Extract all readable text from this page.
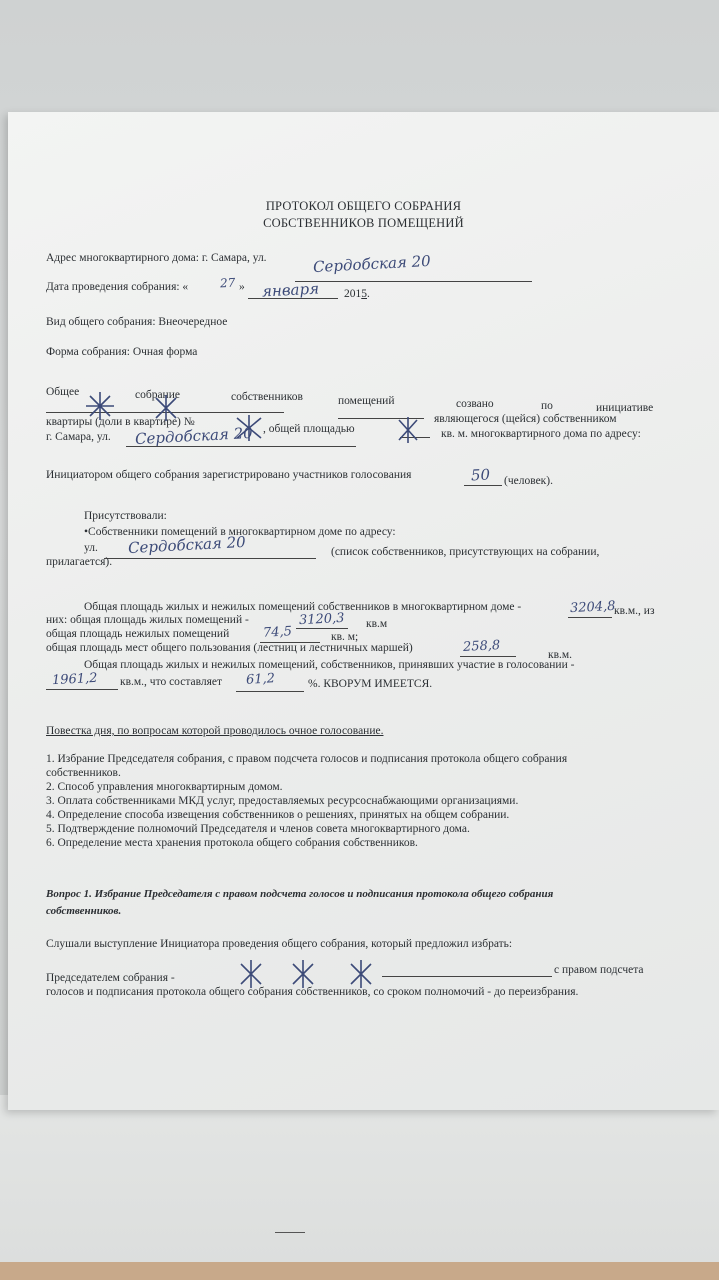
ПРОТОКОЛ ОБЩЕГО СОБРАНИЯ
СОБСТВЕННИКОВ ПОМЕЩЕНИЙ
Адрес многоквартирного дома: г. Самара, ул.	Сердобская 20
Дата проведения собрания: «	27 » января 2015.
Вид общего собрания: Внеочередное
Форма собрания: Очная форма
Общее	собрание	собственников	помещений	созвано	по	инициативе
являющегося (щейся) собственником
квартиры (доли в квартире) №
, общей площадью	кв. м. многоквартирного дома по адресу:
г. Самара, ул. Сердобская 20
Инициатором общего собрания зарегистрировано участников голосования	50 (человек).
Присутствовали:
•Собственники помещений в многоквартирном доме по адресу:
ул. Сердобская 20	(список собственников, присутствующих на собрании,
прилагается).
Общая площадь жилых и нежилых помещений собственников в многоквартирном доме -	3204,8
кв.м., из
них: общая площадь жилых помещений -	3120,3 кв.м
общая площадь нежилых помещений	74,5	кв. м;
общая площадь мест общего пользования (лестниц и лестничных маршей)	258,8
кв.м.
Общая площадь жилых и нежилых помещений, собственников, принявших участие в голосовании -
1961,2 кв.м., что составляет 61,2	%. КВОРУМ ИМЕЕТСЯ.
Повестка дня, по вопросам которой проводилось очное голосование.
1. Избрание Председателя собрания, с правом подсчета голосов и подписания протокола общего собрания
собственников.
2. Способ управления многоквартирным домом.
3. Оплата собственниками МКД услуг, предоставляемых ресурсоснабжающими организациями.
4. Определение способа извещения собственников о решениях, принятых на общем собрании.
5. Подтверждение полномочий Председателя и членов совета многоквартирного дома.
6. Определение места хранения протокола общего собрания собственников.
Вопрос 1. Избрание Председателя с правом подсчета голосов и подписания протокола общего собрания
собственников.
Слушали выступление Инициатора проведения общего собрания, который предложил избрать:
Председателем собрания -
с правом подсчета
голосов и подписания протокола общего собрания собственников, со сроком полномочий - до переизбрания.
